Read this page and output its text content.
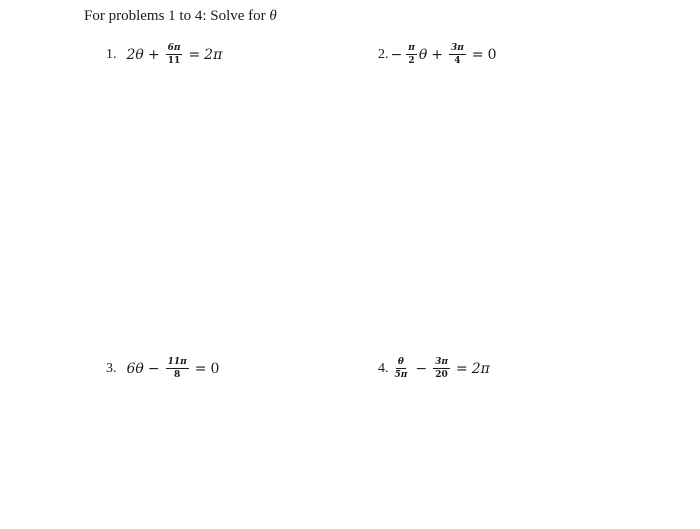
For problems 1 to 4: Solve for θ
1. $2\theta + \frac{6\pi}{11} = 2\pi$	2. − $\frac{\pi}{2}$ $\theta + \frac{3\pi}{4} = 0$
3. $6\theta - \frac{11\pi}{8} = 0$	4. $\frac{\theta}{5\pi} - \frac{3\pi}{20} = 2\pi$
